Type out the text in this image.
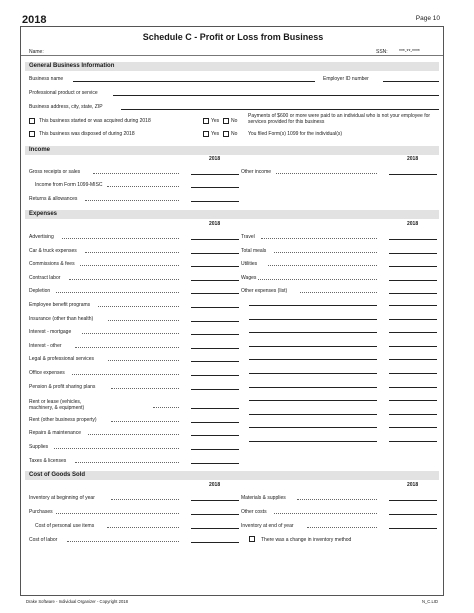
2018	Page 10
Schedule C - Profit or Loss from Business
Name:	SSN: ***-**-****
General Business Information
Business name	Employer ID number
Professional product or service
Business address, city, state, ZIP
This business started or was acquired during 2018	Yes No
Payments of $600 or more were paid to an individual who is not your employee for services provided for this business
This business was disposed of during 2018	Yes No You filed Form(s) 1099 for the individual(s)
Income
2018	2018
Gross receipts or sales
Income from Form 1099-MISC
Returns & allowances
Other income
Expenses
2018	2018
Advertising
Car & truck expenses
Commissions & fees
Contract labor
Depletion
Employee benefit programs
Insurance (other than health)
Interest - mortgage
Interest - other
Legal & professional services
Office expenses
Pension & profit sharing plans
Rent or lease (vehicles, machinery, & equipment)
Rent (other business property)
Repairs & maintenance
Supplies
Taxes & licenses
Travel
Total meals
Utilities
Wages
Other expenses (list)
Cost of Goods Sold
2018	2018
Inventory at beginning of year
Purchases
Cost of personal use items
Cost of labor
Materials & supplies
Other costs
Inventory at end of year
There was a change in inventory method
Drake Software - Individual Organizer - Copyright 2018	N_C.LID
